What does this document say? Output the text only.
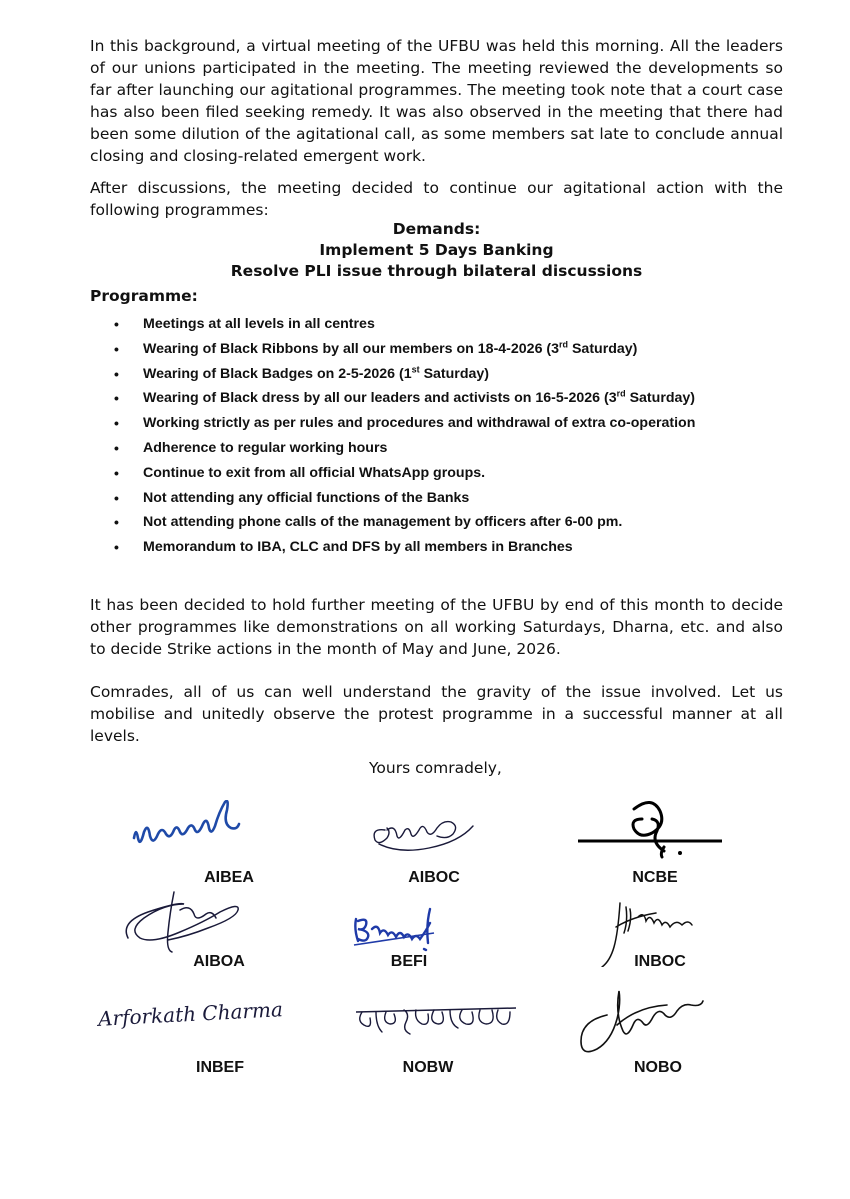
In this background, a virtual meeting of the UFBU was held this morning. All the leaders of our unions participated in the meeting. The meeting reviewed the developments so far after launching our agitational programmes. The meeting took note that a court case has also been filed seeking remedy. It was also observed in the meeting that there had been some dilution of the agitational call, as some members sat late to conclude annual closing and closing-related emergent work.

After discussions, the meeting decided to continue our agitational action with the following programmes:

Demands:
Implement 5 Days Banking
Resolve PLI issue through bilateral discussions
Programme:
• Meetings at all levels in all centres
• Wearing of Black Ribbons by all our members on 18-4-2026 (3rd Saturday)
• Wearing of Black Badges on 2-5-2026 (1st Saturday)
• Wearing of Black dress by all our leaders and activists on 16-5-2026 (3rd Saturday)
• Working strictly as per rules and procedures and withdrawal of extra co-operation
• Adherence to regular working hours
• Continue to exit from all official WhatsApp groups.
• Not attending any official functions of the Banks
• Not attending phone calls of the management by officers after 6-00 pm.
• Memorandum to IBA, CLC and DFS by all members in Branches

It has been decided to hold further meeting of the UFBU by end of this month to decide other programmes like demonstrations on all working Saturdays, Dharna, etc. and also to decide Strike actions in the month of May and June, 2026.

Comrades, all of us can well understand the gravity of the issue involved. Let us mobilise and unitedly observe the protest programme in a successful manner at all levels.

Yours comradely,
AIBEA	AIBOC	NCBE
AIBOA	BEFI	INBOC
Arforkath Charma
INBEF	NOBW	NOBO
